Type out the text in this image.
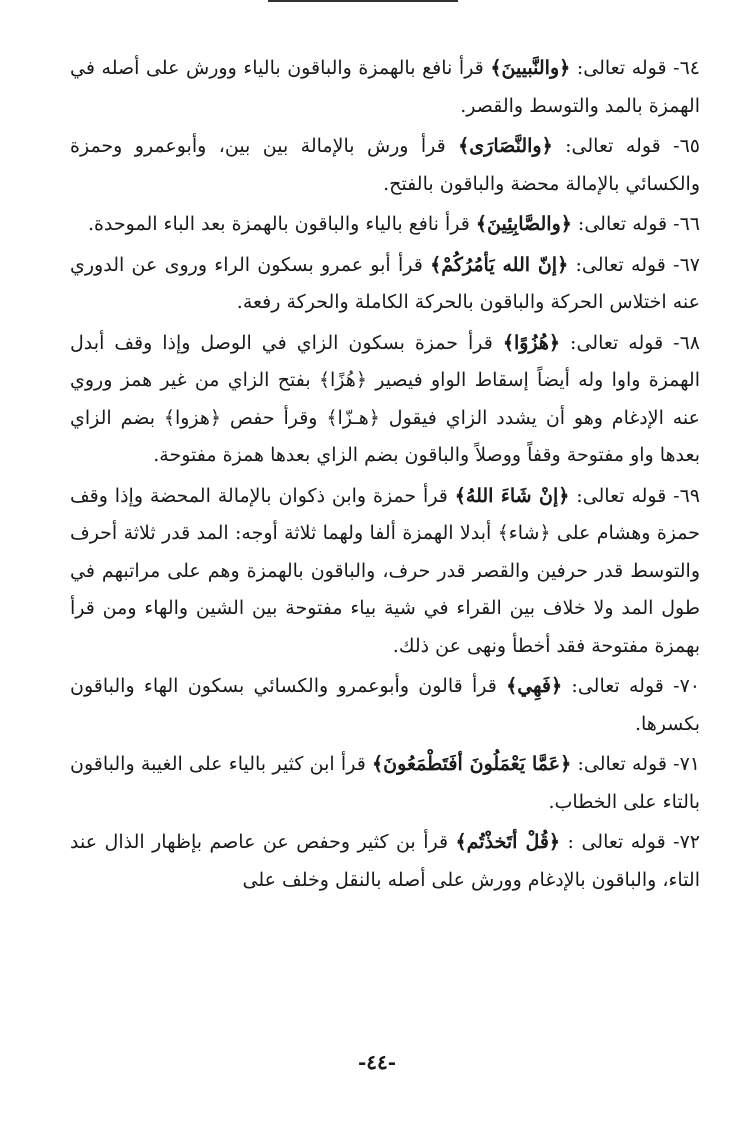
٦٤- قوله تعالى: ﴿والنَّبيينَ﴾ قرأ نافع بالهمزة والباقون بالياء وورش على أصله في الهمزة بالمد والتوسط والقصر.

٦٥- قوله تعالى: ﴿والنَّصَارَى﴾ قرأ ورش بالإمالة بين بين، وأبوعمرو وحمزة والكسائي بالإمالة محضة والباقون بالفتح.

٦٦- قوله تعالى: ﴿والصَّابِئِينَ﴾ قرأ نافع بالياء والباقون بالهمزة بعد الباء الموحدة.

٦٧- قوله تعالى: ﴿إنّ الله يَأمُرُكُمْ﴾ قرأ أبو عمرو بسكون الراء وروى عن الدوري عنه اختلاس الحركة والباقون بالحركة الكاملة والحركة رفعة.

٦٨- قوله تعالى: ﴿هُزُوًا﴾ قرأ حمزة بسكون الزاي في الوصل وإذا وقف أبدل الهمزة واوا وله أيضاً إسقاط الواو فيصير ﴿هُزًا﴾ بفتح الزاي من غير همز وروي عنه الإدغام وهو أن يشدد الزاي فيقول ﴿هـزّا﴾ وقرأ حفص ﴿هزوا﴾ بضم الزاي بعدها واو مفتوحة وقفاً ووصلاً والباقون بضم الزاي بعدها همزة مفتوحة.

٦٩- قوله تعالى: ﴿إنْ شَاءَ اللهُ﴾ قرأ حمزة وابن ذكوان بالإمالة المحضة وإذا وقف حمزة وهشام على ﴿شاء﴾ أبدلا الهمزة ألفا ولهما ثلاثة أوجه: المد قدر ثلاثة أحرف والتوسط قدر حرفين والقصر قدر حرف، والباقون بالهمزة وهم على مراتبهم في طول المد ولا خلاف بين القراء في شية بياء مفتوحة بين الشين والهاء ومن قرأ بهمزة مفتوحة فقد أخطأ ونهى عن ذلك.

٧٠- قوله تعالى: ﴿فَهِي﴾ قرأ قالون وأبوعمرو والكسائي بسكون الهاء والباقون بكسرها.

٧١- قوله تعالى: ﴿عَمَّا يَعْمَلُونَ أفَتَطْمَعُونَ﴾ قرأ ابن كثير بالياء على الغيبة والباقون بالتاء على الخطاب.

٧٢- قوله تعالى : ﴿قُلْ أتَخذْتُم﴾ قرأ بن كثير وحفص عن عاصم بإظهار الذال عند التاء، والباقون بالإدغام وورش على أصله بالنقل وخلف على

-٤٤-
